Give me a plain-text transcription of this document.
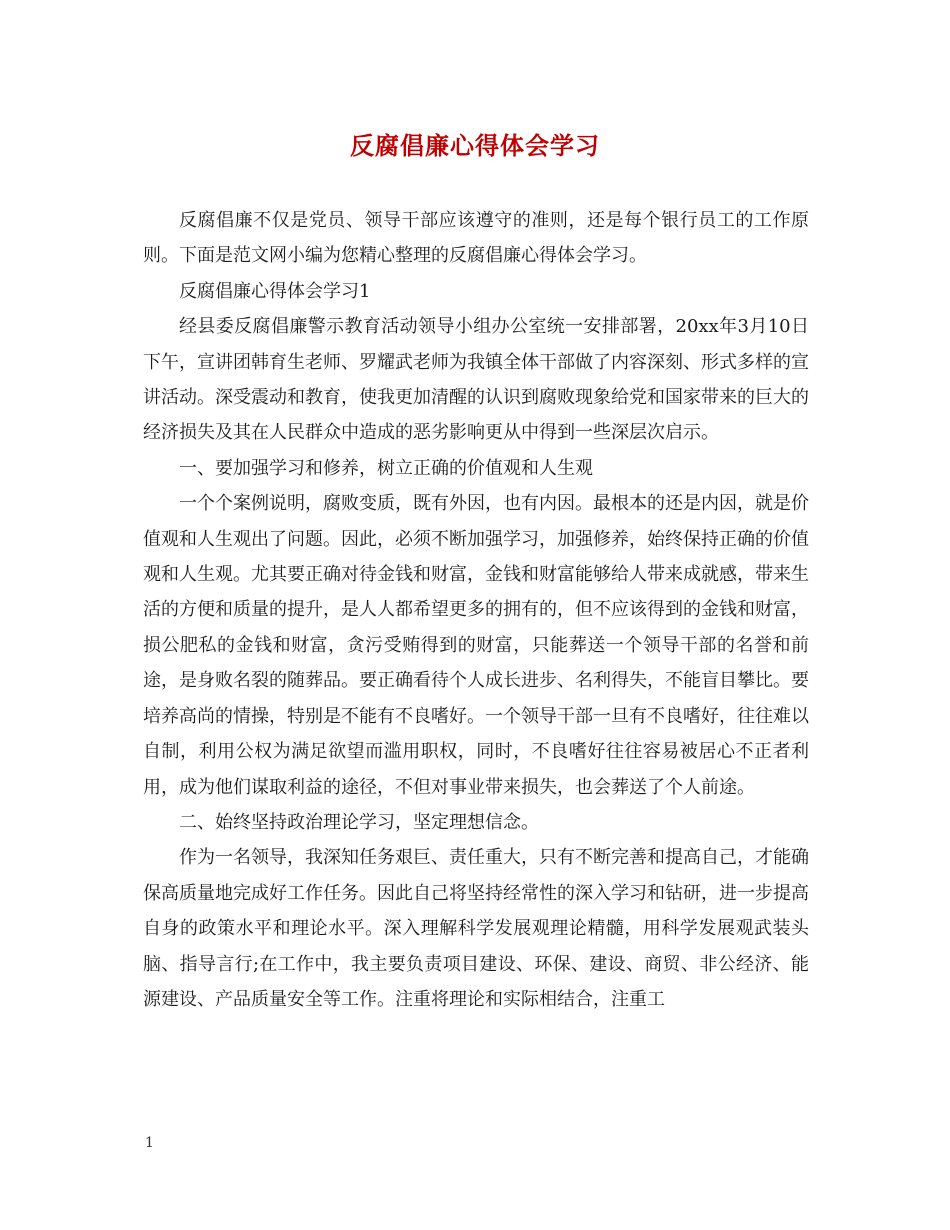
反腐倡廉心得体会学习

反腐倡廉不仅是党员、领导干部应该遵守的准则，还是每个银行员工的工作原则。下面是范文网小编为您精心整理的反腐倡廉心得体会学习。

反腐倡廉心得体会学习1

经县委反腐倡廉警示教育活动领导小组办公室统一安排部署，20xx年3月10日下午，宣讲团韩育生老师、罗耀武老师为我镇全体干部做了内容深刻、形式多样的宣讲活动。深受震动和教育，使我更加清醒的认识到腐败现象给党和国家带来的巨大的经济损失及其在人民群众中造成的恶劣影响更从中得到一些深层次启示。

一、要加强学习和修养，树立正确的价值观和人生观

一个个案例说明，腐败变质，既有外因，也有内因。最根本的还是内因，就是价值观和人生观出了问题。因此，必须不断加强学习，加强修养，始终保持正确的价值观和人生观。尤其要正确对待金钱和财富，金钱和财富能够给人带来成就感，带来生活的方便和质量的提升，是人人都希望更多的拥有的，但不应该得到的金钱和财富，损公肥私的金钱和财富，贪污受贿得到的财富，只能葬送一个领导干部的名誉和前途，是身败名裂的随葬品。要正确看待个人成长进步、名利得失，不能盲目攀比。要培养高尚的情操，特别是不能有不良嗜好。一个领导干部一旦有不良嗜好，往往难以自制，利用公权为满足欲望而滥用职权，同时，不良嗜好往往容易被居心不正者利用，成为他们谋取利益的途径，不但对事业带来损失，也会葬送了个人前途。

二、始终坚持政治理论学习，坚定理想信念。

作为一名领导，我深知任务艰巨、责任重大，只有不断完善和提高自己，才能确保高质量地完成好工作任务。因此自己将坚持经常性的深入学习和钻研，进一步提高自身的政策水平和理论水平。深入理解科学发展观理论精髓，用科学发展观武装头脑、指导言行;在工作中，我主要负责项目建设、环保、建设、商贸、非公经济、能源建设、产品质量安全等工作。注重将理论和实际相结合，注重工

1
